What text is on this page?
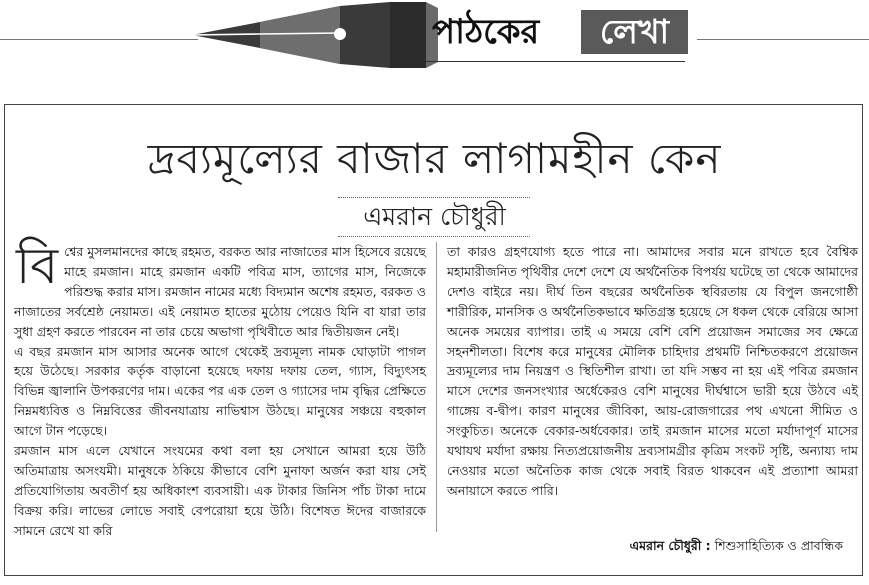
পাঠকের	লেখা
দ্রব্যমূল্যের বাজার লাগামহীন কেন
এমরান চৌধুরী

বিশ্বের মুসলমানদের কাছে রহমত, বরকত আর নাজাতের মাস হিসেবে রয়েছে মাহে রমজান। মাহে রমজান একটি পবিত্র মাস, ত্যাগের মাস, নিজেকে পরিশুদ্ধ করার মাস। রমজান নামের মধ্যে বিদ্যমান অশেষ রহমত, বরকত ও নাজাতের সর্বশ্রেষ্ঠ নেয়ামত। এই নেয়ামত হাতের মুঠোয় পেয়েও যিনি বা যারা তার সুধা গ্রহণ করতে পারবেন না তার চেয়ে অভাগা পৃথিবীতে আর দ্বিতীয়জন নেই।

এ বছর রমজান মাস আসার অনেক আগে থেকেই দ্রব্যমূল্য নামক ঘোড়াটা পাগল হয়ে উঠেছে। সরকার কর্তৃক বাড়ানো হয়েছে দফায় দফায় তেল, গ্যাস, বিদ্যুৎসহ বিভিন্ন জ্বালানি উপকরণের দাম। একের পর এক তেল ও গ্যাসের দাম বৃদ্ধির প্রেক্ষিতে নিম্নমধ্যবিত্ত ও নিম্নবিত্তের জীবনযাত্রায় নাভিশ্বাস উঠছে। মানুষের সঞ্চয়ে বহুকাল আগে টান পড়েছে।

রমজান মাস এলে যেখানে সংযমের কথা বলা হয় সেখানে আমরা হয়ে উঠি অতিমাত্রায় অসংযমী। মানুষকে ঠকিয়ে কীভাবে বেশি মুনাফা অর্জন করা যায় সেই প্রতিযোগিতায় অবতীর্ণ হয় অধিকাংশ ব্যবসায়ী। এক টাকার জিনিস পাঁচ টাকা দামে বিক্রয় করি। লাভের লোভে সবাই বেপরোয়া হয়ে উঠি। বিশেষত ঈদের বাজারকে সামনে রেখে যা করি

তা কারও গ্রহণযোগ্য হতে পারে না। আমাদের সবার মনে রাখতে হবে বৈশ্বিক মহামারীজনিত পৃথিবীর দেশে দেশে যে অর্থনৈতিক বিপর্যয় ঘটেছে তা থেকে আমাদের দেশও বাইরে নয়। দীর্ঘ তিন বছরের অর্থনৈতিক স্থবিরতায় যে বিপুল জনগোষ্ঠী শারীরিক, মানসিক ও অর্থনৈতিকভাবে ক্ষতিগ্রস্ত হয়েছে সে ধকল থেকে বেরিয়ে আসা অনেক সময়ের ব্যাপার। তাই এ সময়ে বেশি বেশি প্রয়োজন সমাজের সব ক্ষেত্রে সহনশীলতা। বিশেষ করে মানুষের মৌলিক চাহিদার প্রথমটি নিশ্চিতকরণে প্রয়োজন দ্রব্যমূল্যের দাম নিয়ন্ত্রণ ও স্থিতিশীল রাখা। তা যদি সম্ভব না হয় এই পবিত্র রমজান মাসে দেশের জনসংখ্যার অর্ধেকেরও বেশি মানুষের দীর্ঘশ্বাসে ভারী হয়ে উঠবে এই গাঙ্গেয় ব-দ্বীপ। কারণ মানুষের জীবিকা, আয়-রোজগারের পথ এখনো সীমিত ও সংকুচিত। অনেকে বেকার-অর্ধবেকার। তাই রমজান মাসের মতো মর্যাদাপূর্ণ মাসের যথাযথ মর্যাদা রক্ষায় নিত্যপ্রয়োজনীয় দ্রব্যসামগ্রীর কৃত্রিম সংকট সৃষ্টি, অন্যায্য দাম নেওয়ার মতো অনৈতিক কাজ থেকে সবাই বিরত থাকবেন এই প্রত্যাশা আমরা অনায়াসে করতে পারি।

এমরান চৌধুরী : শিশুসাহিত্যিক ও প্রাবন্ধিক
